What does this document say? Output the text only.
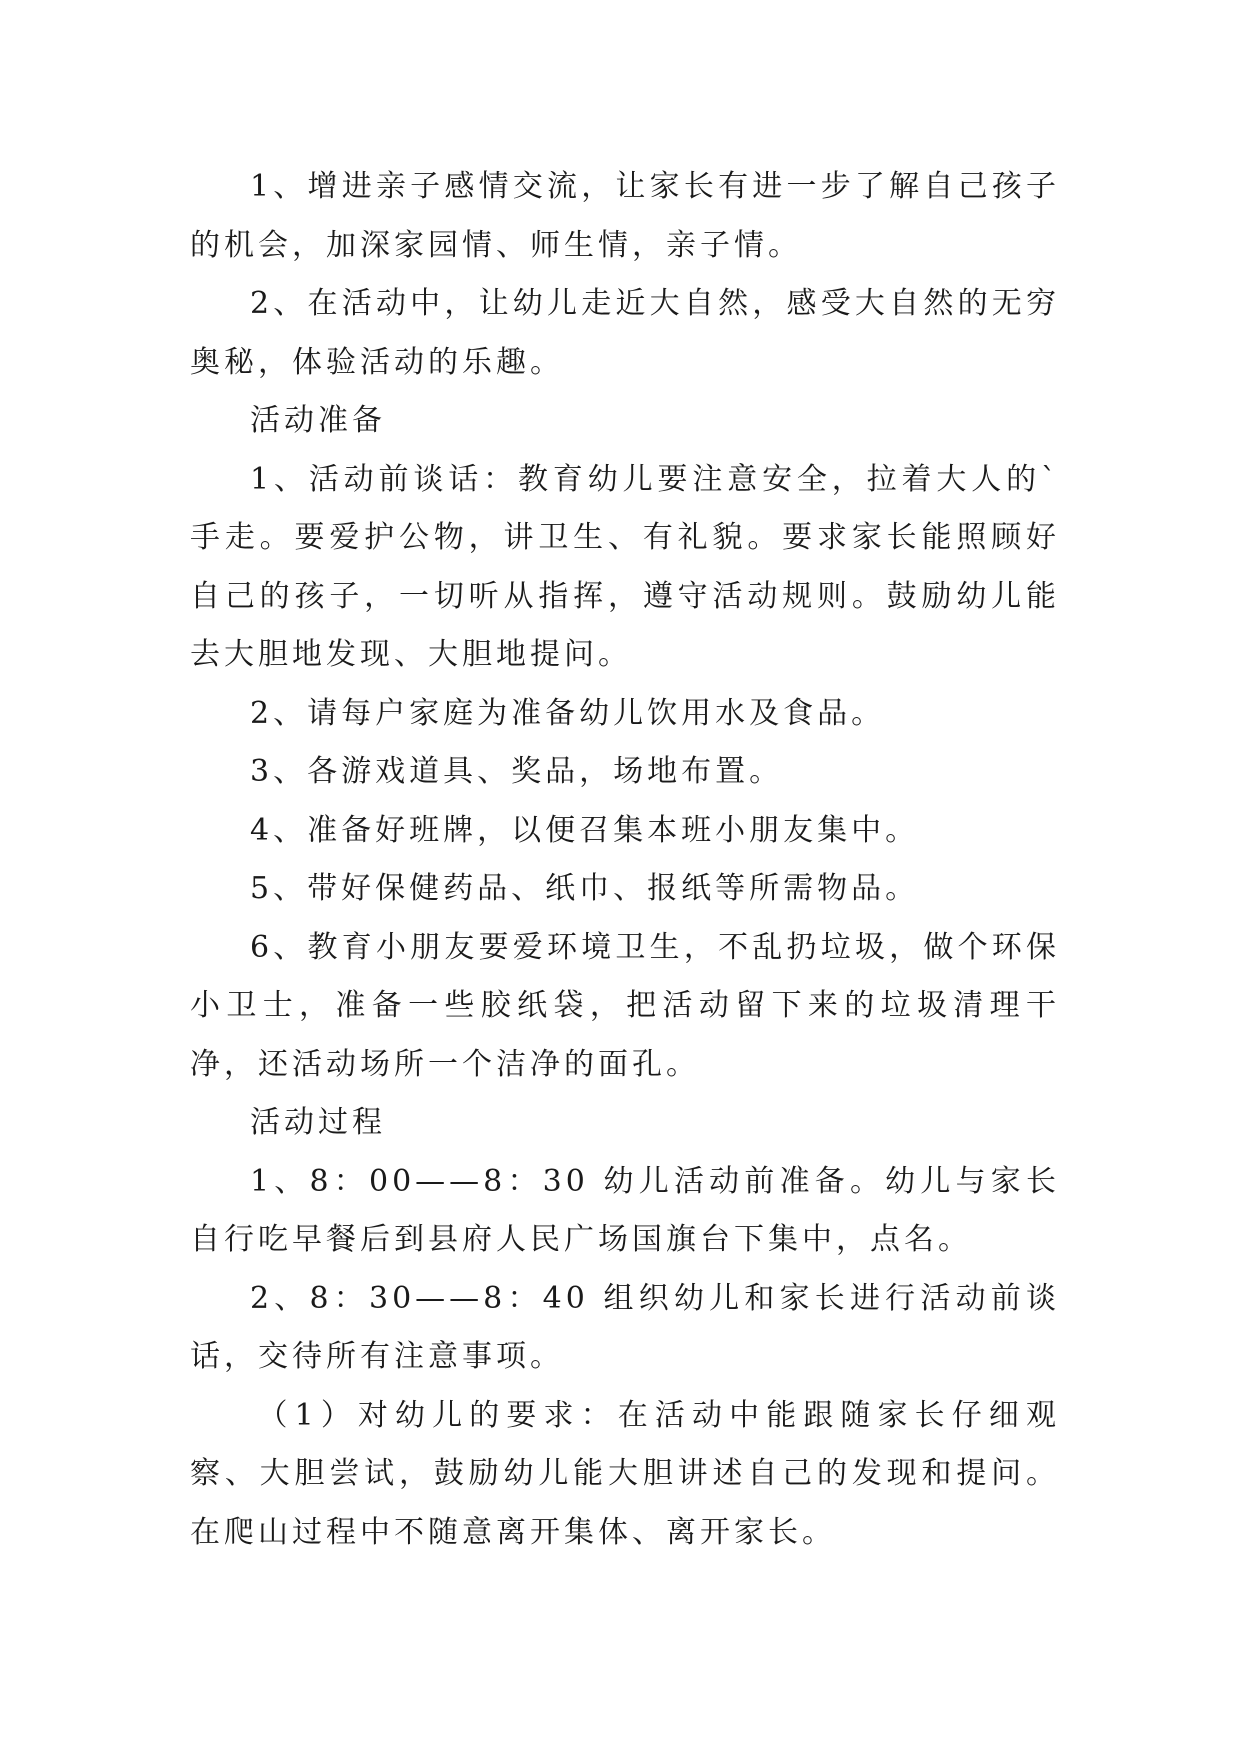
1、增进亲子感情交流，让家长有进一步了解自己孩子的机会，加深家园情、师生情，亲子情。

2、在活动中，让幼儿走近大自然，感受大自然的无穷奥秘，体验活动的乐趣。

活动准备

1、活动前谈话：教育幼儿要注意安全，拉着大人的`手走。要爱护公物，讲卫生、有礼貌。要求家长能照顾好自己的孩子，一切听从指挥，遵守活动规则。鼓励幼儿能去大胆地发现、大胆地提问。

2、请每户家庭为准备幼儿饮用水及食品。

3、各游戏道具、奖品，场地布置。

4、准备好班牌，以便召集本班小朋友集中。

5、带好保健药品、纸巾、报纸等所需物品。

6、教育小朋友要爱环境卫生，不乱扔垃圾，做个环保小卫士，准备一些胶纸袋，把活动留下来的垃圾清理干净，还活动场所一个洁净的面孔。

活动过程

1、8：00——8：30 幼儿活动前准备。幼儿与家长自行吃早餐后到县府人民广场国旗台下集中，点名。

2、8：30——8：40 组织幼儿和家长进行活动前谈话，交待所有注意事项。

（1）对幼儿的要求：在活动中能跟随家长仔细观察、大胆尝试，鼓励幼儿能大胆讲述自己的发现和提问。在爬山过程中不随意离开集体、离开家长。
